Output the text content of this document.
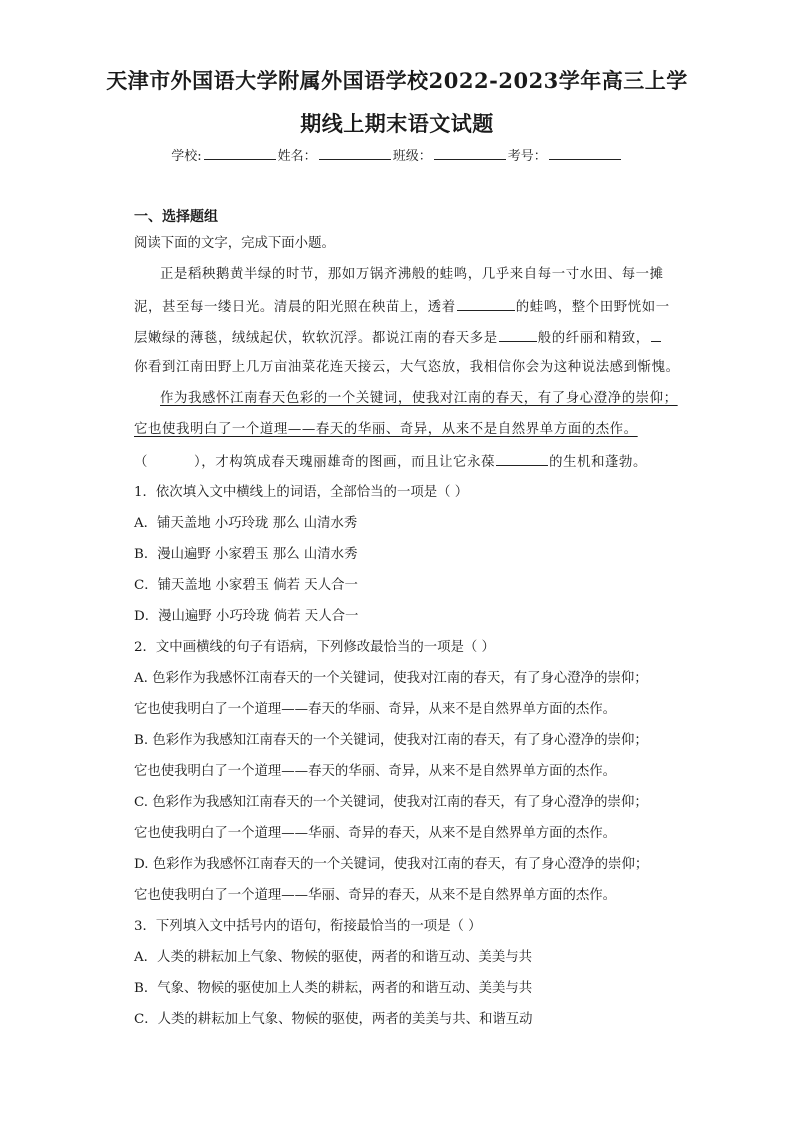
天津市外国语大学附属外国语学校2022-2023学年高三上学
期线上期末语文试题
学校:	姓名：	班级：	考号：
一、选择题组
阅读下面的文字，完成下面小题。
正是稻秧鹅黄半绿的时节，那如万锅齐沸般的蛙鸣，几乎来自每一寸水田、每一摊
泥，甚至每一缕日光。清晨的阳光照在秧苗上，透着	的蛙鸣，整个田野恍如一
层嫩绿的薄毯，绒绒起伏，软软沉浮。都说江南的春天多是	般的纤丽和精致，
你看到江南田野上几万亩油菜花连天接云，大气恣放，我相信你会为这种说法感到惭愧。
作为我感怀江南春天色彩的一个关键词，使我对江南的春天，有了身心澄净的崇仰；
它也使我明白了一个道理——春天的华丽、奇异，从来不是自然界单方面的杰作。
（	），才构筑成春天瑰丽雄奇的图画，而且让它永葆	的生机和蓬勃。
1．依次填入文中横线上的词语，全部恰当的一项是（ ）
A．铺天盖地 小巧玲珑 那么 山清水秀
B．漫山遍野 小家碧玉 那么 山清水秀
C．铺天盖地 小家碧玉 倘若 天人合一
D．漫山遍野 小巧玲珑 倘若 天人合一
2．文中画横线的句子有语病，下列修改最恰当的一项是（ ）
A. 色彩作为我感怀江南春天的一个关键词，使我对江南的春天，有了身心澄净的崇仰；
它也使我明白了一个道理——春天的华丽、奇异，从来不是自然界单方面的杰作。
B. 色彩作为我感知江南春天的一个关键词，使我对江南的春天，有了身心澄净的崇仰；
它也使我明白了一个道理——春天的华丽、奇异，从来不是自然界单方面的杰作。
C. 色彩作为我感知江南春天的一个关键词，使我对江南的春天，有了身心澄净的崇仰；
它也使我明白了一个道理——华丽、奇异的春天，从来不是自然界单方面的杰作。
D. 色彩作为我感怀江南春天的一个关键词，使我对江南的春天，有了身心澄净的崇仰；
它也使我明白了一个道理——华丽、奇异的春天，从来不是自然界单方面的杰作。
3．下列填入文中括号内的语句，衔接最恰当的一项是（ ）
A．人类的耕耘加上气象、物候的驱使，两者的和谐互动、美美与共
B．气象、物候的驱使加上人类的耕耘，两者的和谐互动、美美与共
C．人类的耕耘加上气象、物候的驱使，两者的美美与共、和谐互动
